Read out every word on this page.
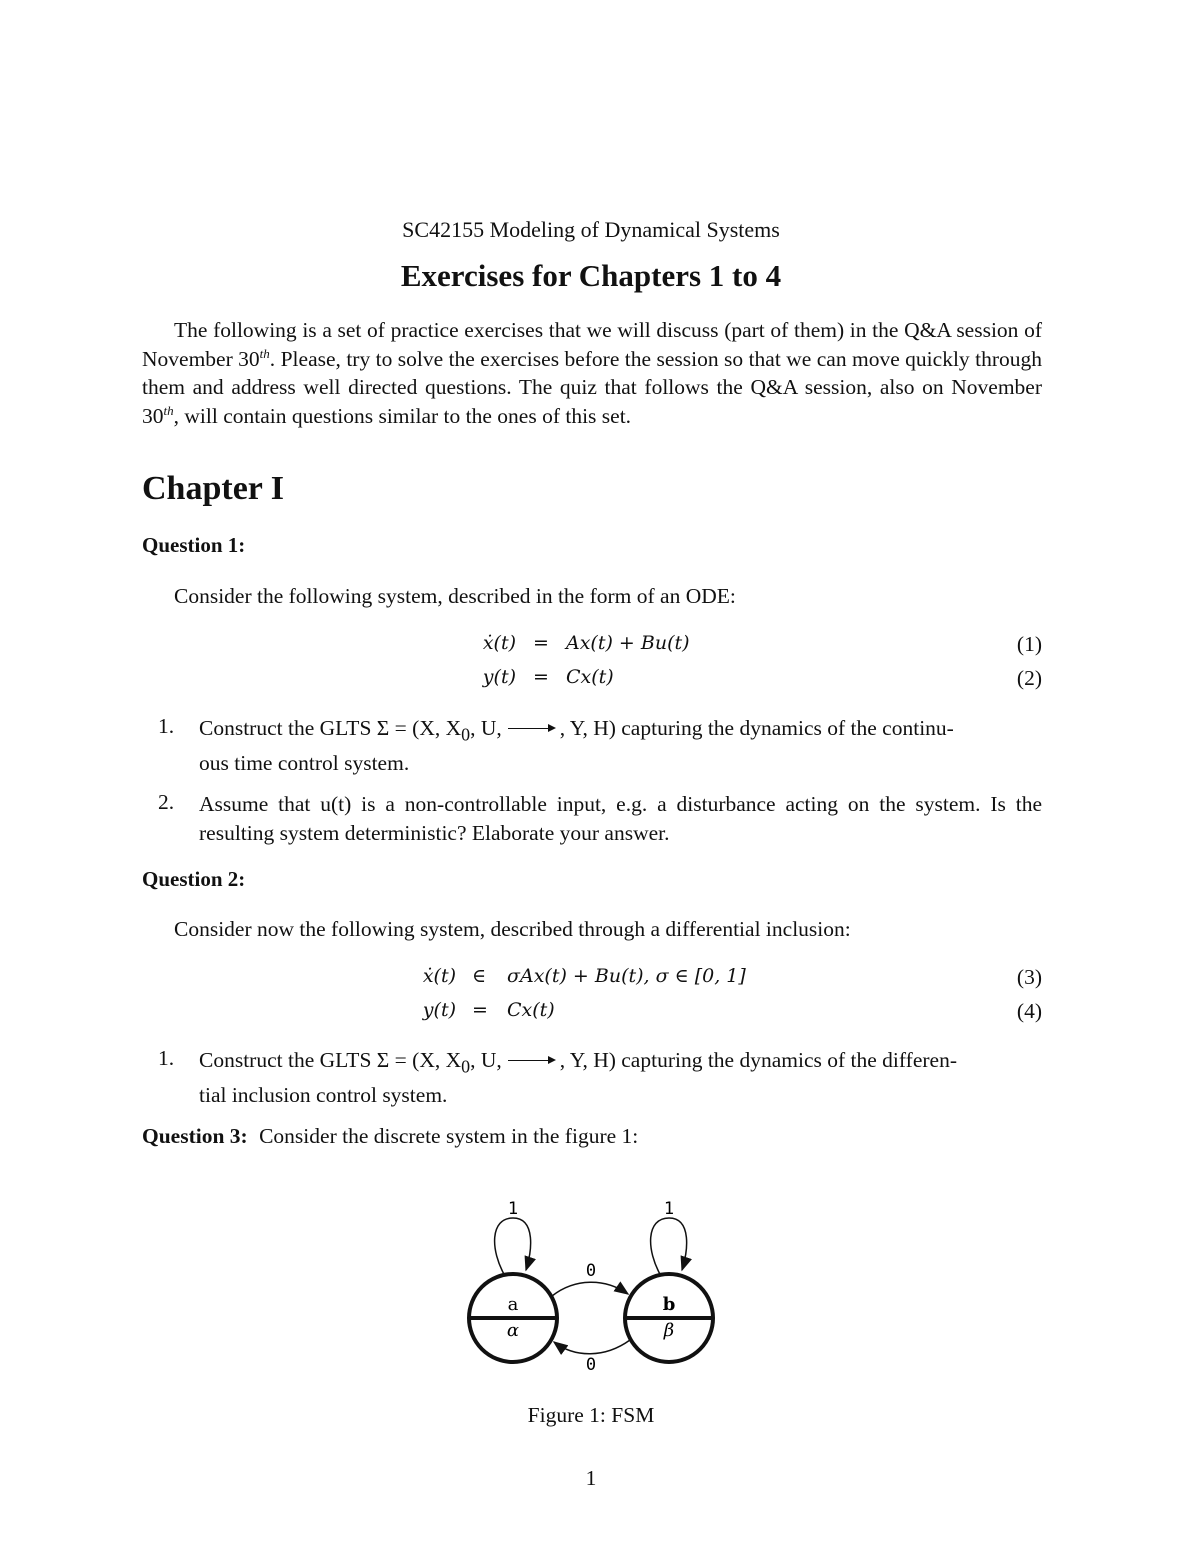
SC42155 Modeling of Dynamical Systems
Exercises for Chapters 1 to 4
The following is a set of practice exercises that we will discuss (part of them) in the Q&A session of November 30th. Please, try to solve the exercises before the session so that we can move quickly through them and address well directed questions. The quiz that follows the Q&A session, also on November 30th, will contain questions similar to the ones of this set.
Chapter I
Question 1:
Consider the following system, described in the form of an ODE:
ẋ(t) = Ax(t) + Bu(t)	(1)
y(t) = Cx(t)	(2)
1. Construct the GLTS Σ = (X, $X_0$, U,	, Y, H) capturing the dynamics of the continu-
ous time control system.
2. Assume that u(t) is a non-controllable input, e.g. a disturbance acting on the system. Is the resulting system deterministic? Elaborate your answer.
Question 2:
Consider now the following system, described through a differential inclusion:
ẋ(t) ∈ σAx(t) + Bu(t), σ ∈ [0, 1]	(3)
y(t) = Cx(t)	(4)
1. Construct the GLTS Σ = (X, $X_0$, U,	, Y, H) capturing the dynamics of the differen-
tial inclusion control system.
Question 3: Consider the discrete system in the figure 1:
a
α
b
β
1	1
0
0
Figure 1: FSM
1
